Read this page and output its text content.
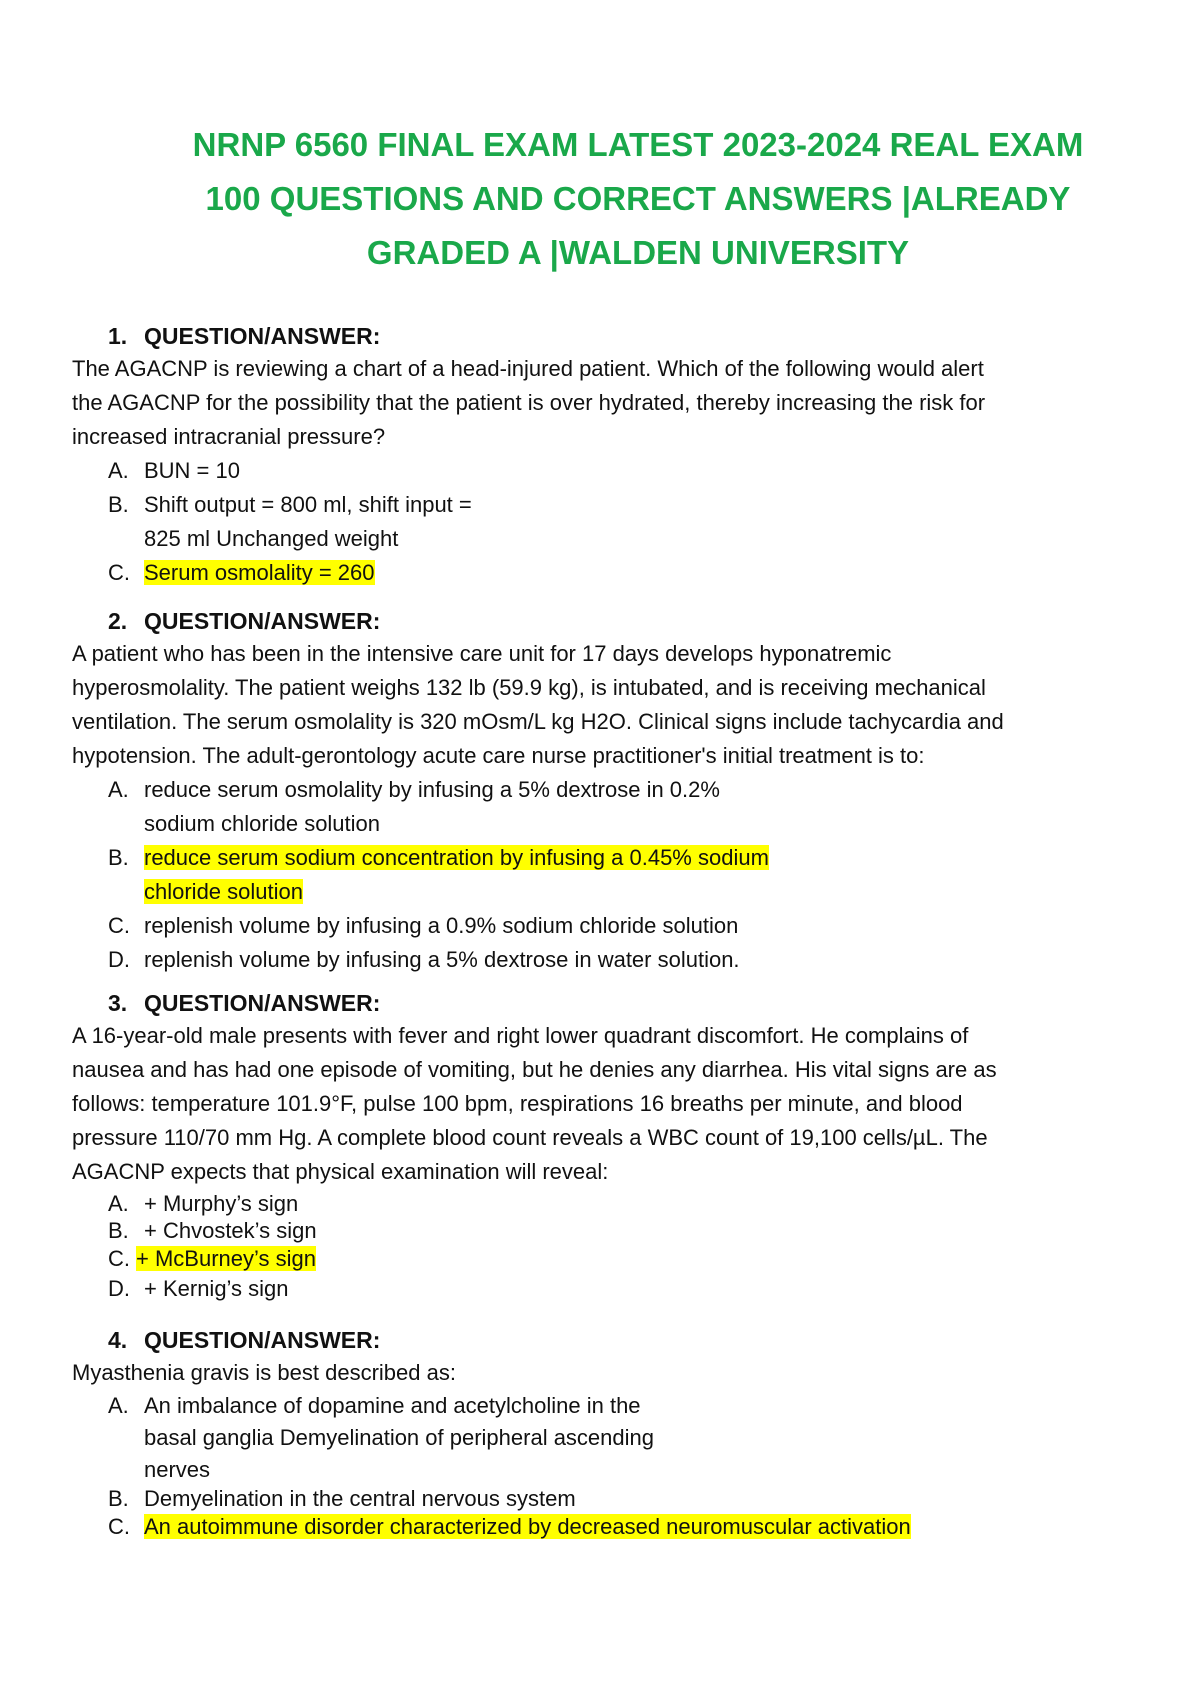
NRNP 6560 FINAL EXAM LATEST 2023-2024 REAL EXAM
100 QUESTIONS AND CORRECT ANSWERS |ALREADY
GRADED A |WALDEN UNIVERSITY
1. QUESTION/ANSWER:
The AGACNP is reviewing a chart of a head-injured patient. Which of the following would alert
the AGACNP for the possibility that the patient is over hydrated, thereby increasing the risk for
increased intracranial pressure?
A. BUN = 10
B. Shift output = 800 ml, shift input =
825 ml Unchanged weight
C. Serum osmolality = 260
2. QUESTION/ANSWER:
A patient who has been in the intensive care unit for 17 days develops hyponatremic
hyperosmolality. The patient weighs 132 lb (59.9 kg), is intubated, and is receiving mechanical
ventilation. The serum osmolality is 320 mOsm/L kg H2O. Clinical signs include tachycardia and
hypotension. The adult-gerontology acute care nurse practitioner's initial treatment is to:
A. reduce serum osmolality by infusing a 5% dextrose in 0.2%
sodium chloride solution
B. reduce serum sodium concentration by infusing a 0.45% sodium
chloride solution
C. replenish volume by infusing a 0.9% sodium chloride solution
D. replenish volume by infusing a 5% dextrose in water solution.
3. QUESTION/ANSWER:
A 16-year-old male presents with fever and right lower quadrant discomfort. He complains of
nausea and has had one episode of vomiting, but he denies any diarrhea. His vital signs are as
follows: temperature 101.9°F, pulse 100 bpm, respirations 16 breaths per minute, and blood
pressure 110/70 mm Hg. A complete blood count reveals a WBC count of 19,100 cells/µL. The
AGACNP expects that physical examination will reveal:
A. + Murphy’s sign
B. + Chvostek’s sign
C. + McBurney’s sign
D. + Kernig’s sign
4. QUESTION/ANSWER:
Myasthenia gravis is best described as:
A. An imbalance of dopamine and acetylcholine in the
basal ganglia Demyelination of peripheral ascending
nerves
B. Demyelination in the central nervous system
C. An autoimmune disorder characterized by decreased neuromuscular activation
